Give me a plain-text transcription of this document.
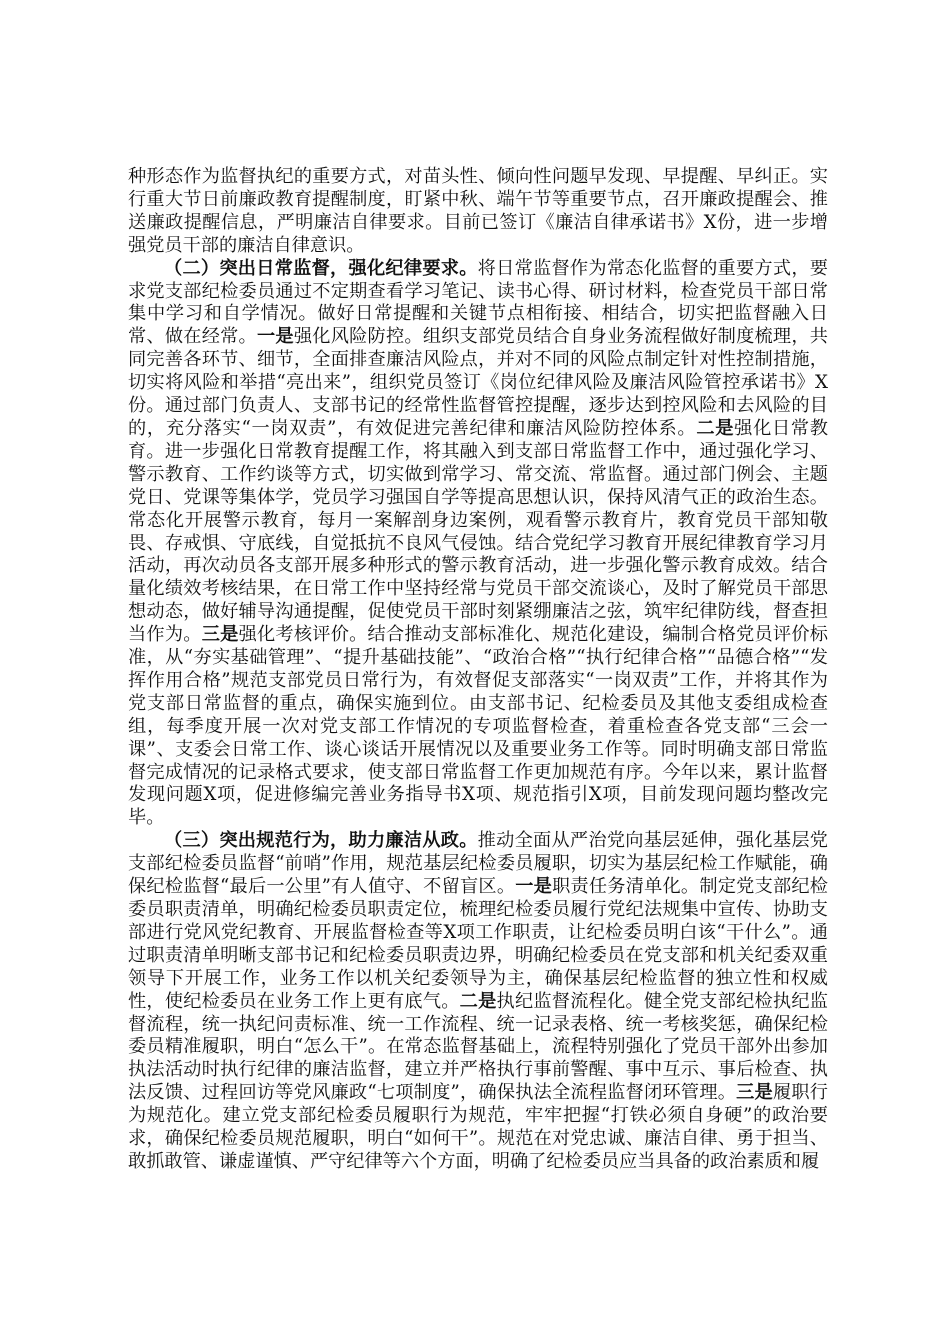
种形态作为监督执纪的重要方式，对苗头性、倾向性问题早发现、早提醒、早纠正。实行重大节日前廉政教育提醒制度，盯紧中秋、端午节等重要节点，召开廉政提醒会、推送廉政提醒信息，严明廉洁自律要求。目前已签订《廉洁自律承诺书》X份，进一步增强党员干部的廉洁自律意识。

（二）突出日常监督，强化纪律要求。将日常监督作为常态化监督的重要方式，要求党支部纪检委员通过不定期查看学习笔记、读书心得、研讨材料，检查党员干部日常集中学习和自学情况。做好日常提醒和关键节点相衔接、相结合，切实把监督融入日常、做在经常。一是强化风险防控。组织支部党员结合自身业务流程做好制度梳理，共同完善各环节、细节，全面排查廉洁风险点，并对不同的风险点制定针对性控制措施，切实将风险和举措“亮出来”，组织党员签订《岗位纪律风险及廉洁风险管控承诺书》X份。通过部门负责人、支部书记的经常性监督管控提醒，逐步达到控风险和去风险的目的，充分落实“一岗双责”，有效促进完善纪律和廉洁风险防控体系。二是强化日常教育。进一步强化日常教育提醒工作，将其融入到支部日常监督工作中，通过强化学习、警示教育、工作约谈等方式，切实做到常学习、常交流、常监督。通过部门例会、主题党日、党课等集体学，党员学习强国自学等提高思想认识，保持风清气正的政治生态。常态化开展警示教育，每月一案解剖身边案例，观看警示教育片，教育党员干部知敬畏、存戒惧、守底线，自觉抵抗不良风气侵蚀。结合党纪学习教育开展纪律教育学习月活动，再次动员各支部开展多种形式的警示教育活动，进一步强化警示教育成效。结合量化绩效考核结果，在日常工作中坚持经常与党员干部交流谈心，及时了解党员干部思想动态，做好辅导沟通提醒，促使党员干部时刻紧绷廉洁之弦，筑牢纪律防线，督查担当作为。三是强化考核评价。结合推动支部标准化、规范化建设，编制合格党员评价标准，从“夯实基础管理”、“提升基础技能”、“政治合格”“执行纪律合格”“品德合格”“发挥作用合格”规范支部党员日常行为，有效督促支部落实“一岗双责”工作，并将其作为党支部日常监督的重点，确保实施到位。由支部书记、纪检委员及其他支委组成检查组，每季度开展一次对党支部工作情况的专项监督检查，着重检查各党支部“三会一课”、支委会日常工作、谈心谈话开展情况以及重要业务工作等。同时明确支部日常监督完成情况的记录格式要求，使支部日常监督工作更加规范有序。今年以来，累计监督发现问题X项，促进修编完善业务指导书X项、规范指引X项，目前发现问题均整改完毕。

（三）突出规范行为，助力廉洁从政。推动全面从严治党向基层延伸，强化基层党支部纪检委员监督“前哨”作用，规范基层纪检委员履职，切实为基层纪检工作赋能，确保纪检监督“最后一公里”有人值守、不留盲区。一是职责任务清单化。制定党支部纪检委员职责清单，明确纪检委员职责定位，梳理纪检委员履行党纪法规集中宣传、协助支部进行党风党纪教育、开展监督检查等X项工作职责，让纪检委员明白该“干什么”。通过职责清单明晰支部书记和纪检委员职责边界，明确纪检委员在党支部和机关纪委双重领导下开展工作，业务工作以机关纪委领导为主，确保基层纪检监督的独立性和权威性，使纪检委员在业务工作上更有底气。二是执纪监督流程化。健全党支部纪检执纪监督流程，统一执纪问责标准、统一工作流程、统一记录表格、统一考核奖惩，确保纪检委员精准履职，明白“怎么干”。在常态监督基础上，流程特别强化了党员干部外出参加执法活动时执行纪律的廉洁监督，建立并严格执行事前警醒、事中互示、事后检查、执法反馈、过程回访等党风廉政“七项制度”，确保执法全流程监督闭环管理。三是履职行为规范化。建立党支部纪检委员履职行为规范，牢牢把握“打铁必须自身硬”的政治要求，确保纪检委员规范履职，明白“如何干”。规范在对党忠诚、廉洁自律、勇于担当、敢抓敢管、谦虚谨慎、严守纪律等六个方面，明确了纪检委员应当具备的政治素质和履
